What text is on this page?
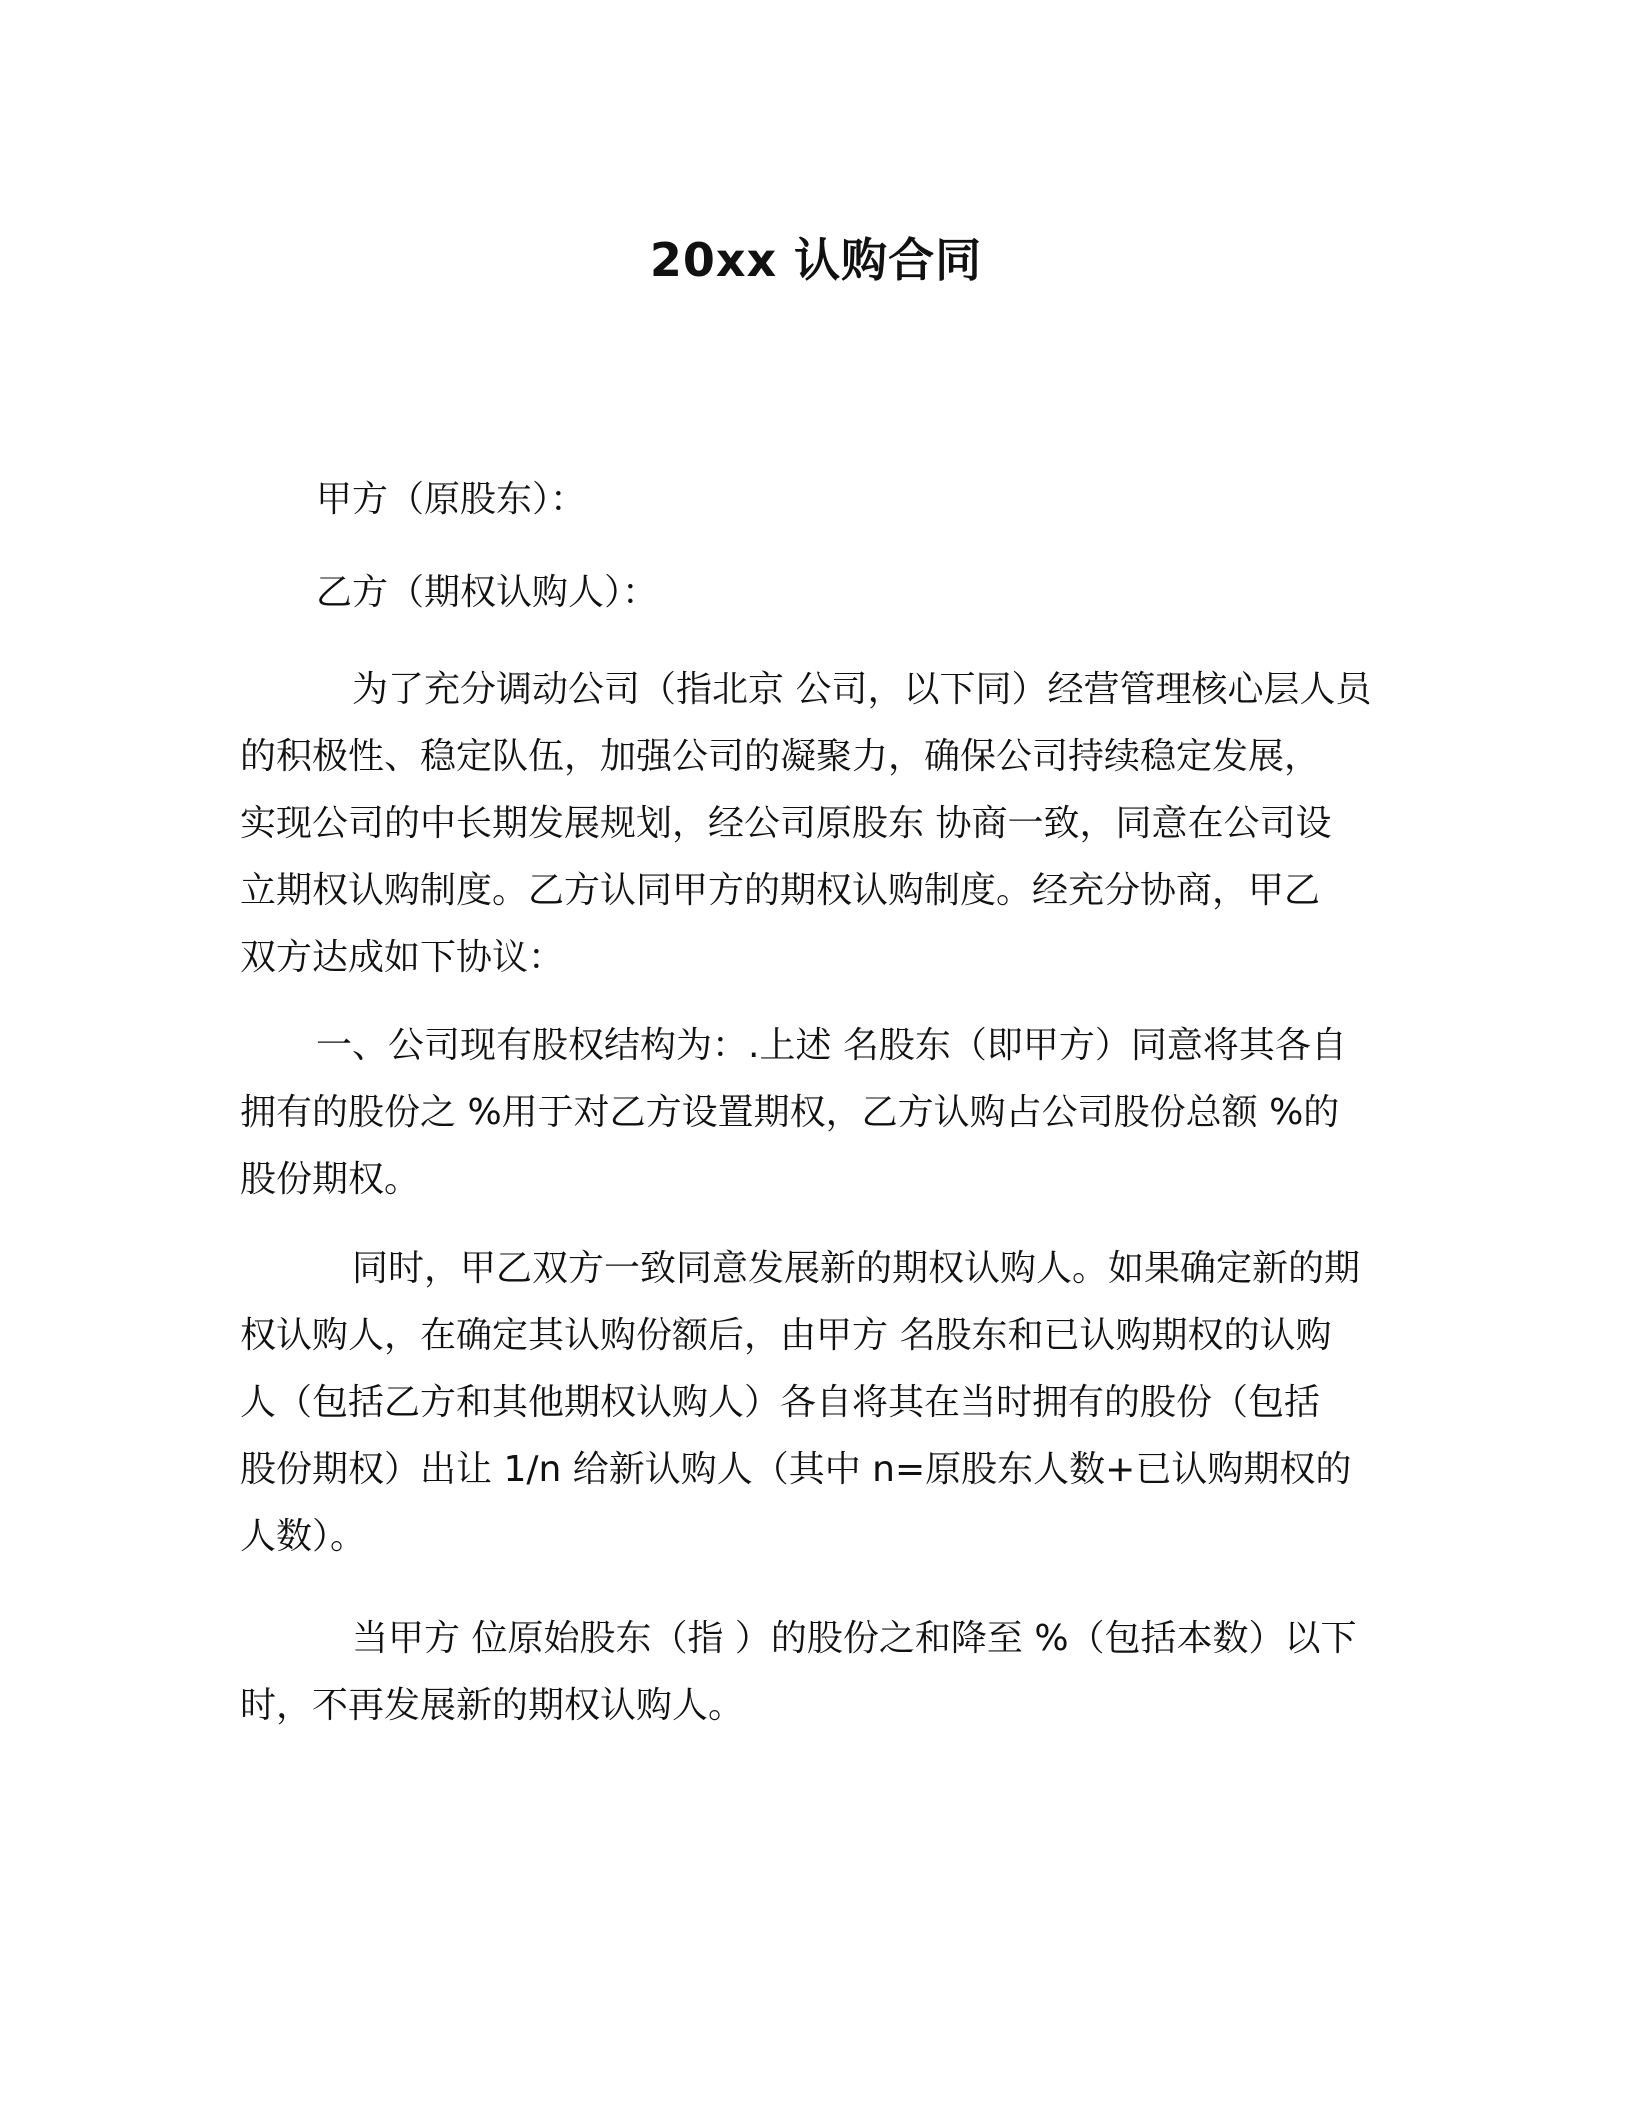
20xx 认购合同
甲方（原股东）：
乙方（期权认购人）：
　为了充分调动公司（指北京 公司，以下同）经营管理核心层人员
的积极性、稳定队伍，加强公司的凝聚力，确保公司持续稳定发展，
实现公司的中长期发展规划，经公司原股东 协商一致，同意在公司设
立期权认购制度。乙方认同甲方的期权认购制度。经充分协商，甲乙
双方达成如下协议：
一、公司现有股权结构为：.上述 名股东（即甲方）同意将其各自
拥有的股份之 %用于对乙方设置期权，乙方认购占公司股份总额 %的
股份期权。
　同时，甲乙双方一致同意发展新的期权认购人。如果确定新的期
权认购人，在确定其认购份额后，由甲方 名股东和已认购期权的认购
人（包括乙方和其他期权认购人）各自将其在当时拥有的股份（包括
股份期权）出让 1/n 给新认购人（其中 n=原股东人数+已认购期权的
人数）。
　当甲方 位原始股东（指 ）的股份之和降至 %（包括本数）以下
时，不再发展新的期权认购人。
